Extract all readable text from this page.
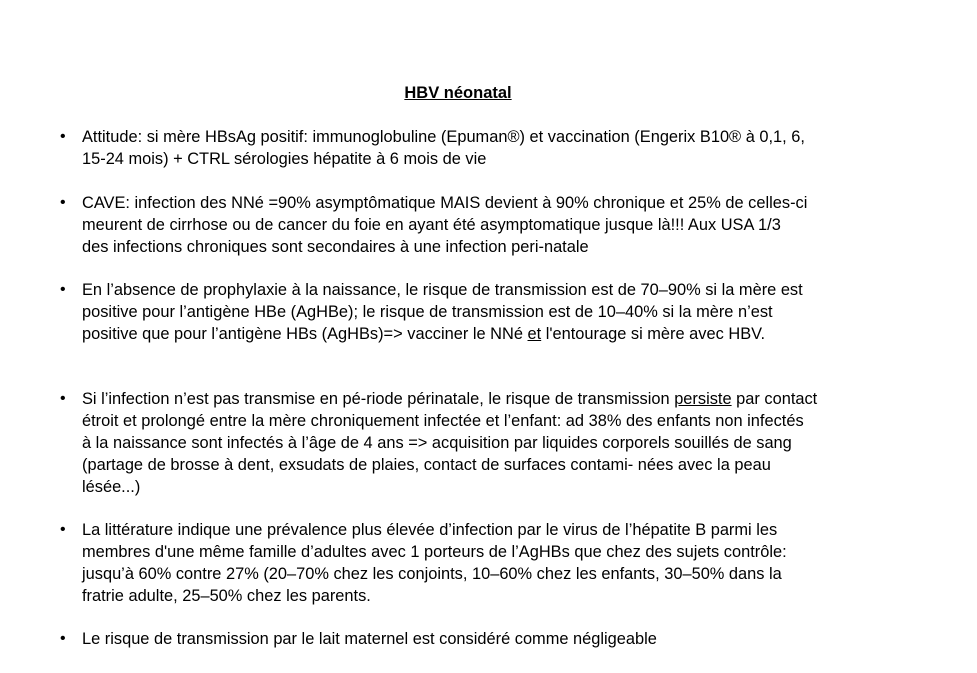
HBV néonatal
• Attitude: si mère HBsAg positif: immunoglobuline (Epuman®) et vaccination (Engerix B10® à 0,1, 6,
15-24 mois) + CTRL sérologies hépatite à 6 mois de vie
• CAVE: infection des NNé =90% asymptômatique MAIS devient à 90% chronique et 25% de celles-ci
meurent de cirrhose ou de cancer du foie en ayant été asymptomatique jusque là!!! Aux USA 1/3
des infections chroniques sont secondaires à une infection peri-natale
• En l’absence de prophylaxie à la naissance, le risque de transmission est de 70–90% si la mère est
positive pour l’antigène HBe (AgHBe); le risque de transmission est de 10–40% si la mère n’est
positive que pour l’antigène HBs (AgHBs)=> vacciner le NNé et l'entourage si mère avec HBV.
• Si l’infection n’est pas transmise en pé-riode périnatale, le risque de transmission persiste par contact
étroit et prolongé entre la mère chroniquement infectée et l’enfant: ad 38% des enfants non infectés
à la naissance sont infectés à l’âge de 4 ans => acquisition par liquides corporels souillés de sang
(partage de brosse à dent, exsudats de plaies, contact de surfaces contami- nées avec la peau
lésée...)
• La littérature indique une prévalence plus élevée d’infection par le virus de l’hépatite B parmi les
membres d'une même famille d’adultes avec 1 porteurs de l’AgHBs que chez des sujets contrôle:
jusqu’à 60% contre 27% (20–70% chez les conjoints, 10–60% chez les enfants, 30–50% dans la
fratrie adulte, 25–50% chez les parents.
• Le risque de transmission par le lait maternel est considéré comme négligeable
